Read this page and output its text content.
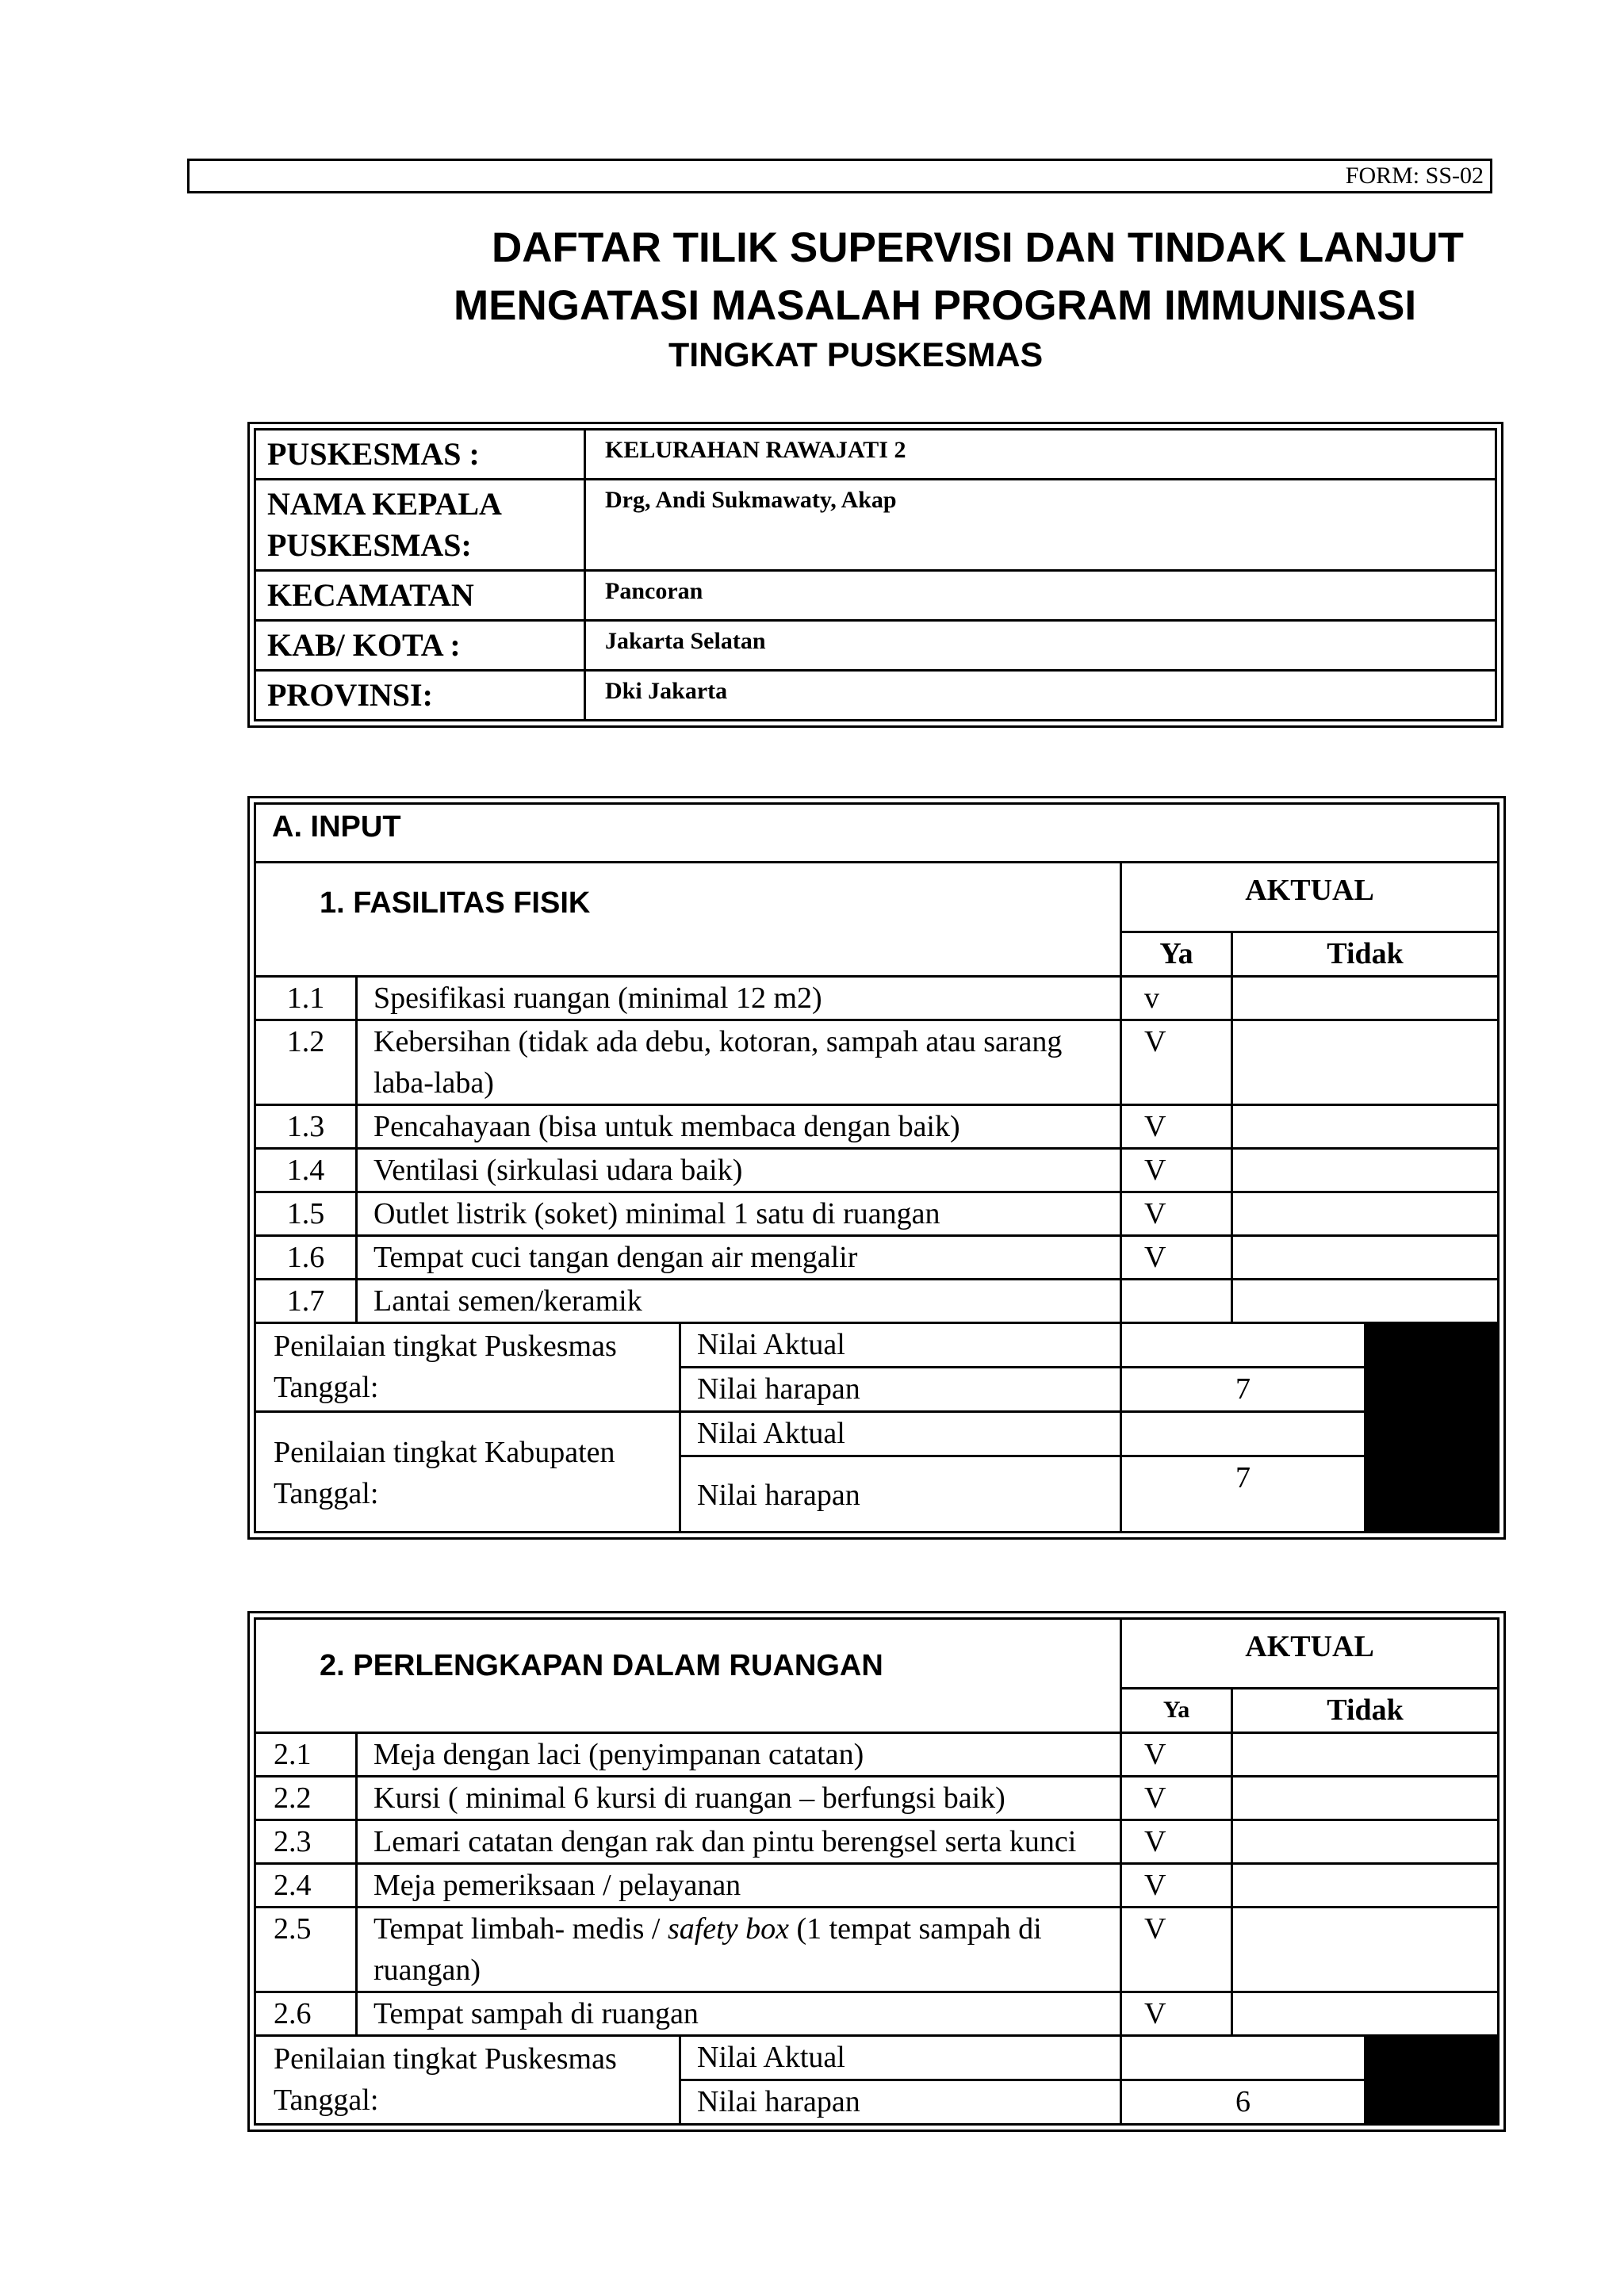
FORM: SS-02
DAFTAR TILIK SUPERVISI DAN TINDAK LANJUT
MENGATASI MASALAH PROGRAM IMMUNISASI
TINGKAT PUSKESMAS
PUSKESMAS :	KELURAHAN RAWAJATI 2
NAMA KEPALA PUSKESMAS:	Drg, Andi Sukmawaty, Akap
KECAMATAN	Pancoran
KAB/ KOTA :	Jakarta Selatan
PROVINSI:	Dki Jakarta
A. INPUT					
1. FASILITAS FISIK			AKTUAL		
			Ya	Tidak	
1.1	Spesifikasi ruangan (minimal 12 m2)		v		
1.2	Kebersihan (tidak ada debu, kotoran, sampah atau sarang laba-laba)		V		
1.3	Pencahayaan (bisa untuk membaca dengan baik)		V		
1.4	Ventilasi (sirkulasi udara baik)		V		
1.5	Outlet listrik (soket) minimal 1 satu di ruangan		V		
1.6	Tempat cuci tangan dengan air mengalir		V		
1.7	Lantai semen/keramik				

Penilaian tingkat Puskesmas
Tanggal:		Nilai Aktual			
		Nilai harapan	7		

Penilaian tingkat Kabupaten
Tanggal:		Nilai Aktual			
		Nilai harapan	7		
2. PERLENGKAPAN DALAM RUANGAN			AKTUAL		
			Ya	Tidak	
2.1	Meja dengan laci (penyimpanan catatan)		V		
2.2	Kursi ( minimal 6 kursi di ruangan – berfungsi baik)		V		
2.3	Lemari catatan dengan rak dan pintu berengsel serta kunci		V		
2.4	Meja pemeriksaan / pelayanan		V		
2.5	Tempat limbah- medis / safety box (1 tempat sampah di ruangan)		V		
2.6	Tempat sampah di ruangan		V		

Penilaian tingkat Puskesmas
Tanggal:		Nilai Aktual			
		Nilai harapan	6		
